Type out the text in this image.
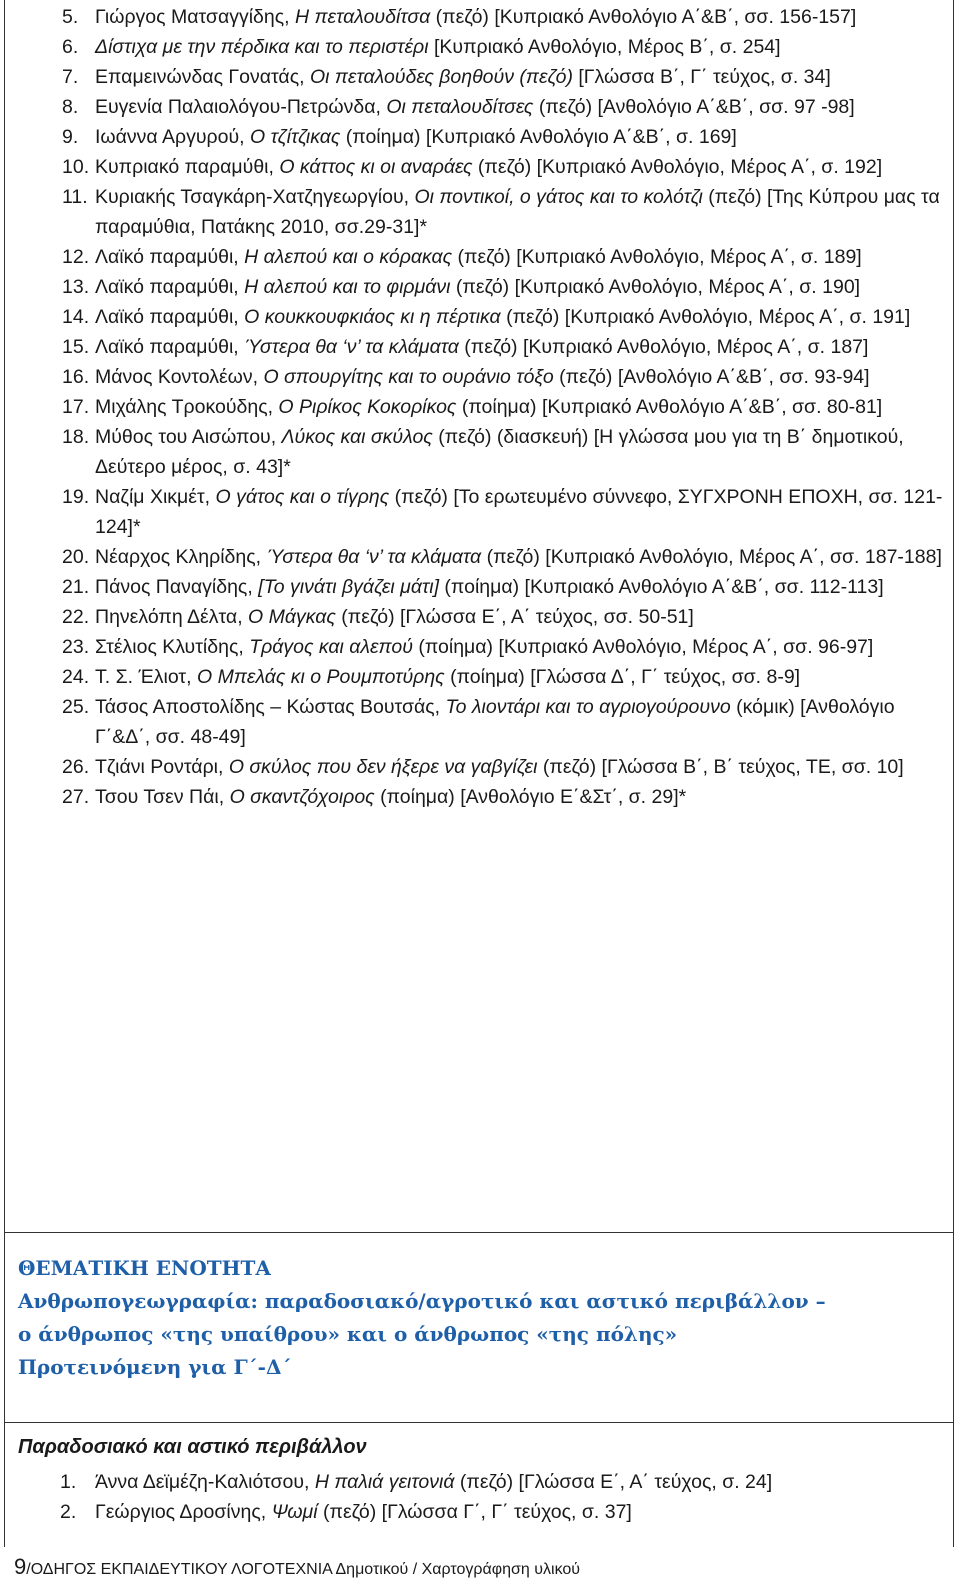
5. Γιώργος Ματσαγγίδης, Η πεταλουδίτσα (πεζό) [Κυπριακό Ανθολόγιο Α΄&Β΄, σσ. 156-157]
6. Δίστιχα με την πέρδικα και το περιστέρι [Κυπριακό Ανθολόγιο, Μέρος Β΄, σ. 254]
7. Επαμεινώνδας Γονατάς, Οι πεταλούδες βοηθούν (πεζό) [Γλώσσα Β΄, Γ΄ τεύχος, σ. 34]
8. Ευγενία Παλαιολόγου-Πετρώνδα, Οι πεταλουδίτσες (πεζό) [Ανθολόγιο Α΄&Β΄, σσ. 97 -98]
9. Ιωάννα Αργυρού, Ο τζίτζικας (ποίημα) [Κυπριακό Ανθολόγιο Α΄&Β΄, σ. 169]
10. Κυπριακό παραμύθι, Ο κάττος κι οι αναράες (πεζό) [Κυπριακό Ανθολόγιο, Μέρος Α΄, σ. 192]
11. Κυριακής Τσαγκάρη-Χατζηγεωργίου, Οι ποντικοί, ο γάτος και το κολότζι (πεζό) [Της Κύπρου μας τα παραμύθια, Πατάκης 2010, σσ.29-31]*
12. Λαϊκό παραμύθι, Η αλεπού και ο κόρακας (πεζό) [Κυπριακό Ανθολόγιο, Μέρος Α΄, σ. 189]
13. Λαϊκό παραμύθι, Η αλεπού και το φιρμάνι (πεζό) [Κυπριακό Ανθολόγιο, Μέρος Α΄, σ. 190]
14. Λαϊκό παραμύθι, Ο κουκκουφκιάος κι η πέρτικα (πεζό) [Κυπριακό Ανθολόγιο, Μέρος Α΄, σ. 191]
15. Λαϊκό παραμύθι, Ύστερα θα ‘ν’ τα κλάματα (πεζό) [Κυπριακό Ανθολόγιο, Μέρος Α΄, σ. 187]
16. Μάνος Κοντολέων, Ο σπουργίτης και το ουράνιο τόξο (πεζό) [Ανθολόγιο Α΄&Β΄, σσ. 93-94]
17. Μιχάλης Τροκούδης, Ο Ριρίκος Κοκορίκος (ποίημα) [Κυπριακό Ανθολόγιο Α΄&Β΄, σσ. 80-81]
18. Μύθος του Αισώπου, Λύκος και σκύλος (πεζό) (διασκευή) [Η γλώσσα μου για τη Β΄ δημοτικού, Δεύτερο μέρος, σ. 43]*
19. Ναζίμ Χικμέτ, Ο γάτος και ο τίγρης (πεζό) [Το ερωτευμένο σύννεφο, ΣΥΓΧΡΟΝΗ ΕΠΟΧΗ, σσ. 121-124]*
20. Νέαρχος Κληρίδης, Ύστερα θα ‘ν’ τα κλάματα (πεζό) [Κυπριακό Ανθολόγιο, Μέρος Α΄, σσ. 187-188]
21. Πάνος Παναγίδης, [Το γινάτι βγάζει μάτι] (ποίημα) [Κυπριακό Ανθολόγιο Α΄&Β΄, σσ. 112-113]
22. Πηνελόπη Δέλτα, Ο Μάγκας (πεζό) [Γλώσσα Ε΄, Α΄ τεύχος, σσ. 50-51]
23. Στέλιος Κλυτίδης, Τράγος και αλεπού (ποίημα) [Κυπριακό Ανθολόγιο, Μέρος Α΄, σσ. 96-97]
24. Τ. Σ. Έλιοτ, Ο Μπελάς κι ο Ρουμποτύρης (ποίημα) [Γλώσσα Δ΄, Γ΄ τεύχος, σσ. 8-9]
25. Τάσος Αποστολίδης – Κώστας Βουτσάς, Το λιοντάρι και το αγριογούρουνο (κόμικ) [Ανθολόγιο Γ΄&Δ΄, σσ. 48-49]
26. Τζιάνι Ροντάρι, Ο σκύλος που δεν ήξερε να γαβγίζει (πεζό) [Γλώσσα Β΄, Β΄ τεύχος, ΤΕ, σσ. 10]
27. Τσου Τσεν Πάι, Ο σκαντζόχοιρος (ποίημα) [Ανθολόγιο Ε΄&Στ΄, σ. 29]*
ΘΕΜΑΤΙΚΗ ΕΝΟΤΗΤΑ
Ανθρωπογεωγραφία: παραδοσιακό/αγροτικό και αστικό περιβάλλον –
ο άνθρωπος «της υπαίθρου» και ο άνθρωπος «της πόλης»
Προτεινόμενη για Γ΄-Δ΄
Παραδοσιακό και αστικό περιβάλλον
1. Άννα Δεϊμέζη-Καλιότσου, Η παλιά γειτονιά (πεζό) [Γλώσσα Ε΄, Α΄ τεύχος, σ. 24]
2. Γεώργιος Δροσίνης, Ψωμί (πεζό) [Γλώσσα Γ΄, Γ΄ τεύχος, σ. 37]
9/ΟΔΗΓΟΣ ΕΚΠΑΙΔΕΥΤΙΚΟΥ ΛΟΓΟΤΕΧΝΙΑ Δημοτικού / Χαρτογράφηση υλικού
